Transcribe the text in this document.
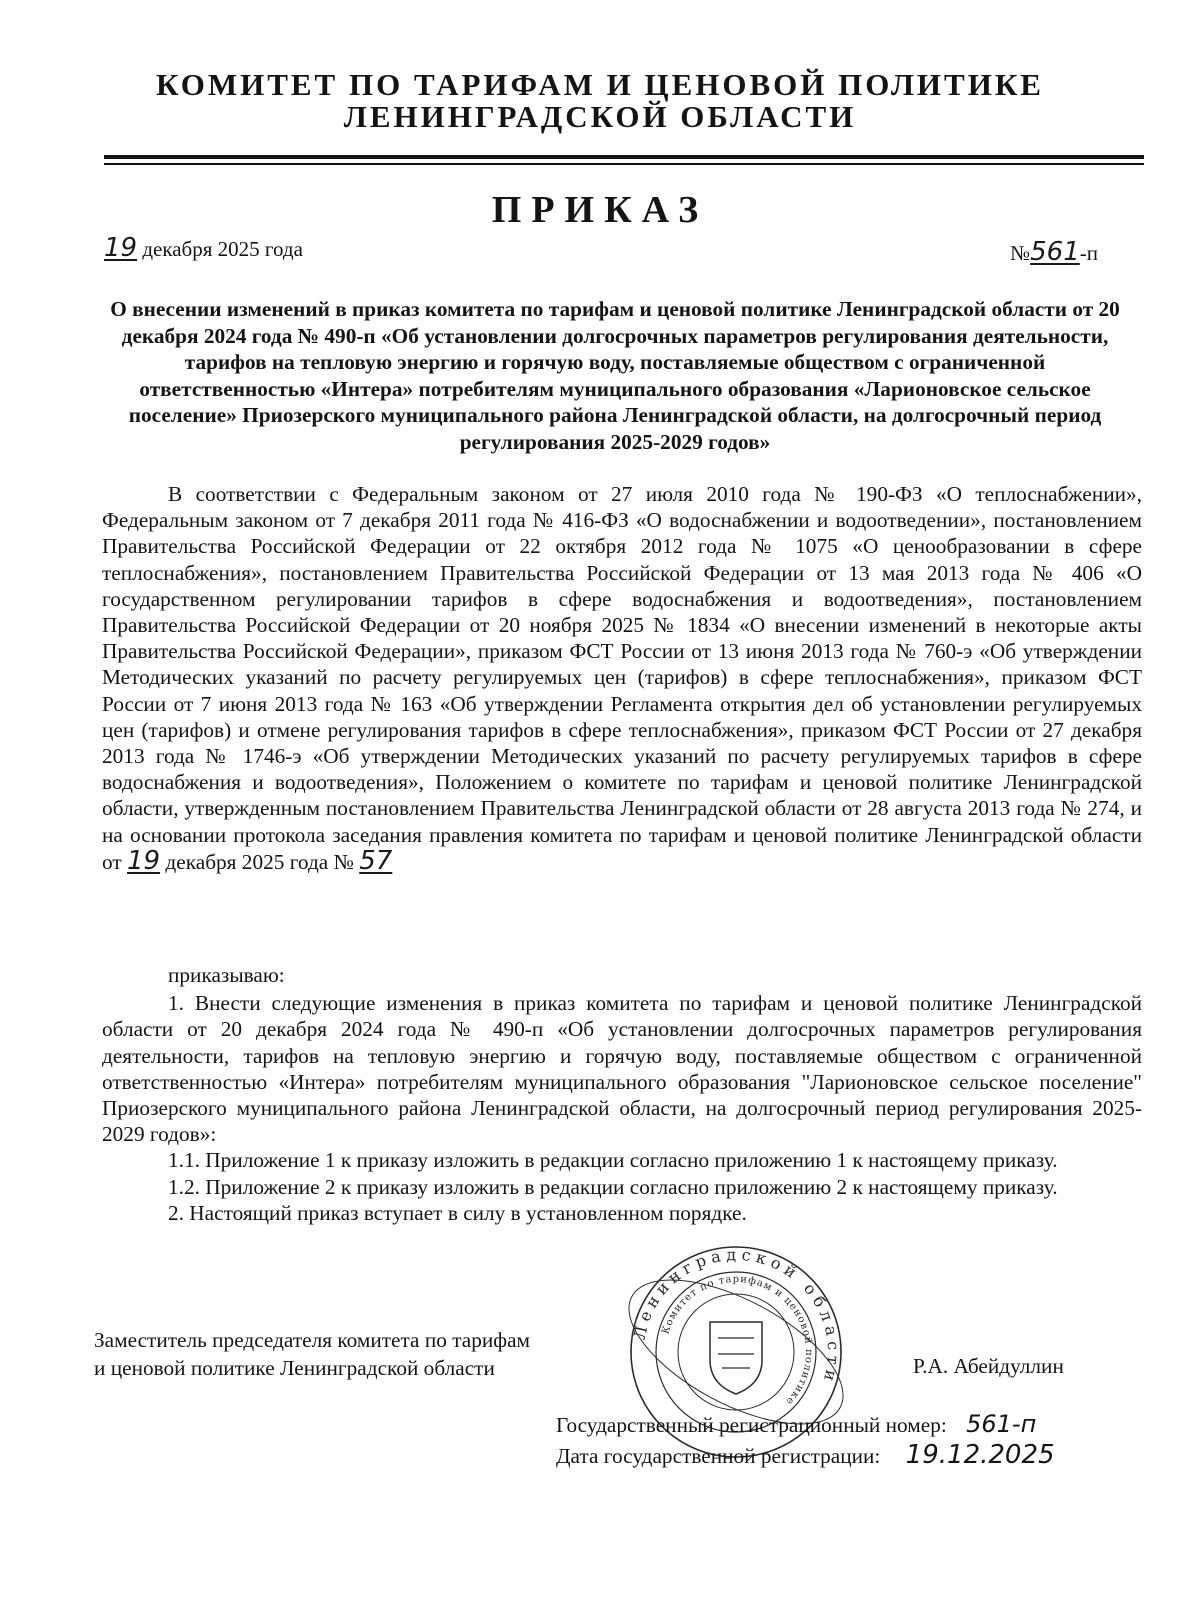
КОМИТЕТ ПО ТАРИФАМ И ЦЕНОВОЙ ПОЛИТИКЕ
ЛЕНИНГРАДСКОЙ ОБЛАСТИ
ПРИКАЗ
19 декабря 2025 года	№561-п
О внесении изменений в приказ комитета по тарифам и ценовой политике Ленинградской области от 20 декабря 2024 года № 490-п «Об установлении долгосрочных параметров регулирования деятельности, тарифов на тепловую энергию и горячую воду, поставляемые обществом с ограниченной ответственностью «Интера» потребителям муниципального образования «Ларионовское сельское поселение» Приозерского муниципального района Ленинградской области, на долгосрочный период регулирования 2025-2029 годов»

В соответствии с Федеральным законом от 27 июля 2010 года № 190-ФЗ «О теплоснабжении», Федеральным законом от 7 декабря 2011 года № 416-ФЗ «О водоснабжении и водоотведении», постановлением Правительства Российской Федерации от 22 октября 2012 года № 1075 «О ценообразовании в сфере теплоснабжения», постановлением Правительства Российской Федерации от 13 мая 2013 года № 406 «О государственном регулировании тарифов в сфере водоснабжения и водоотведения», постановлением Правительства Российской Федерации от 20 ноября 2025 № 1834 «О внесении изменений в некоторые акты Правительства Российской Федерации», приказом ФСТ России от 13 июня 2013 года № 760-э «Об утверждении Методических указаний по расчету регулируемых цен (тарифов) в сфере теплоснабжения», приказом ФСТ России от 7 июня 2013 года № 163 «Об утверждении Регламента открытия дел об установлении регулируемых цен (тарифов) и отмене регулирования тарифов в сфере теплоснабжения», приказом ФСТ России от 27 декабря 2013 года № 1746-э «Об утверждении Методических указаний по расчету регулируемых тарифов в сфере водоснабжения и водоотведения», Положением о комитете по тарифам и ценовой политике Ленинградской области, утвержденным постановлением Правительства Ленинградской области от 28 августа 2013 года № 274, и на основании протокола заседания правления комитета по тарифам и ценовой политике Ленинградской области от 19 декабря 2025 года № 57

приказываю:

1. Внести следующие изменения в приказ комитета по тарифам и ценовой политике Ленинградской области от 20 декабря 2024 года № 490-п «Об установлении долгосрочных параметров регулирования деятельности, тарифов на тепловую энергию и горячую воду, поставляемые обществом с ограниченной ответственностью «Интера» потребителям муниципального образования "Ларионовское сельское поселение" Приозерского муниципального района Ленинградской области, на долгосрочный период регулирования 2025-2029 годов»:

1.1. Приложение 1 к приказу изложить в редакции согласно приложению 1 к настоящему приказу.

1.2. Приложение 2 к приказу изложить в редакции согласно приложению 2 к настоящему приказу.

2. Настоящий приказ вступает в силу в установленном порядке.

Заместитель председателя комитета по тарифам
и ценовой политике Ленинградской области	Р.А. Абейдуллин
Ленинградской области
Комитет по тарифам и ценовой политике
Государственный регистрационный номер: 561-п
Дата государственной регистрации: 19.12.2025
